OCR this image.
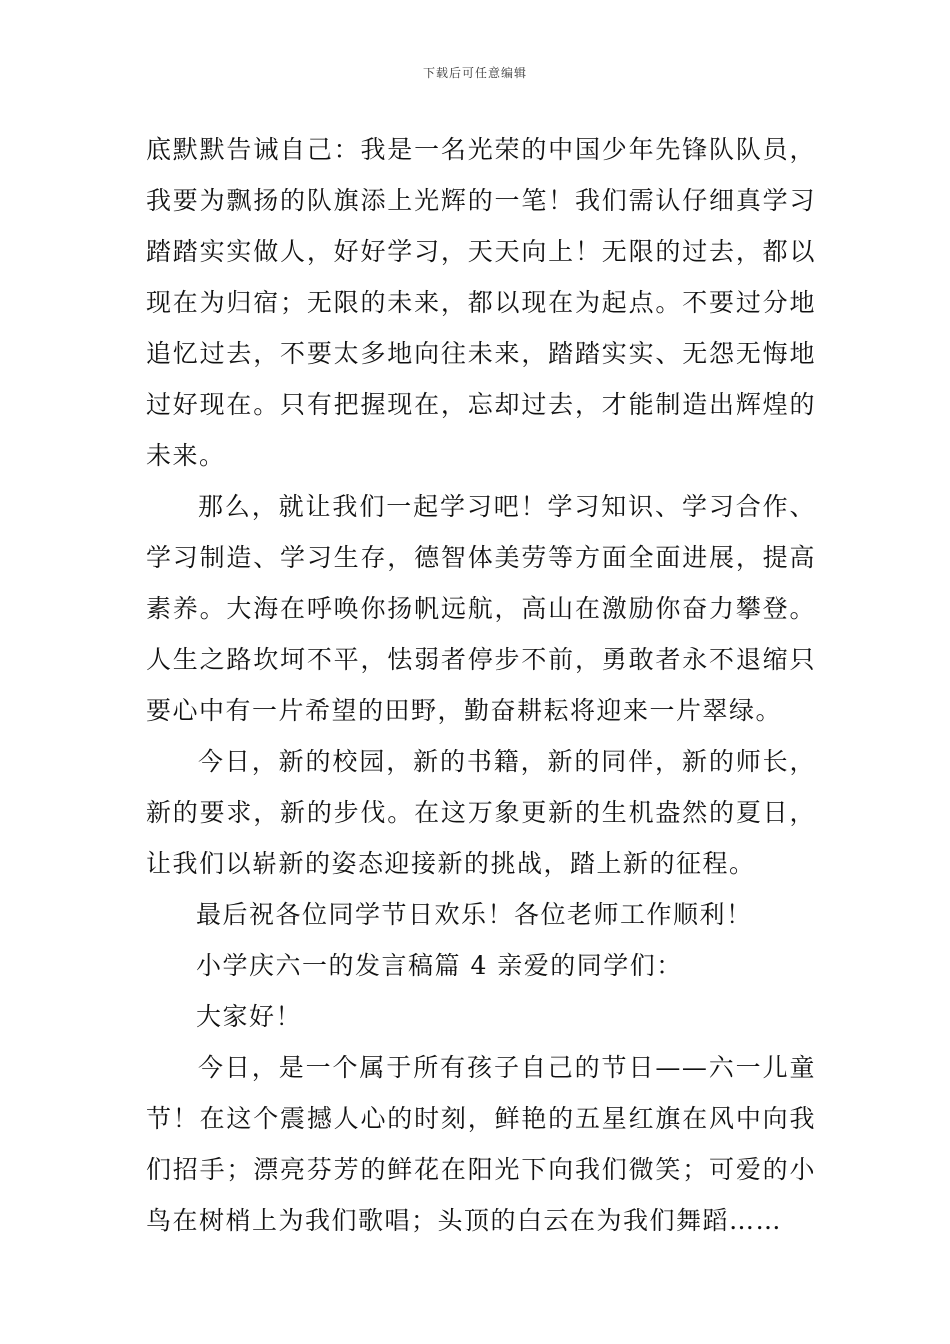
下载后可任意编辑

底默默告诫自己：我是一名光荣的中国少年先锋队队员，我要为飘扬的队旗添上光辉的一笔！我们需认仔细真学习踏踏实实做人，好好学习，天天向上！无限的过去，都以现在为归宿；无限的未来，都以现在为起点。不要过分地追忆过去，不要太多地向往未来，踏踏实实、无怨无悔地过好现在。只有把握现在，忘却过去，才能制造出辉煌的未来。

那么，就让我们一起学习吧！学习知识、学习合作、学习制造、学习生存，德智体美劳等方面全面进展，提高素养。大海在呼唤你扬帆远航，高山在激励你奋力攀登。人生之路坎坷不平，怯弱者停步不前，勇敢者永不退缩只要心中有一片希望的田野，勤奋耕耘将迎来一片翠绿。

今日，新的校园，新的书籍，新的同伴，新的师长，新的要求，新的步伐。在这万象更新的生机盎然的夏日，让我们以崭新的姿态迎接新的挑战，踏上新的征程。

最后祝各位同学节日欢乐！各位老师工作顺利！

小学庆六一的发言稿篇 4 亲爱的同学们：

大家好！

今日，是一个属于所有孩子自己的节日——六一儿童节！在这个震撼人心的时刻，鲜艳的五星红旗在风中向我们招手；漂亮芬芳的鲜花在阳光下向我们微笑；可爱的小鸟在树梢上为我们歌唱；头顶的白云在为我们舞蹈……
